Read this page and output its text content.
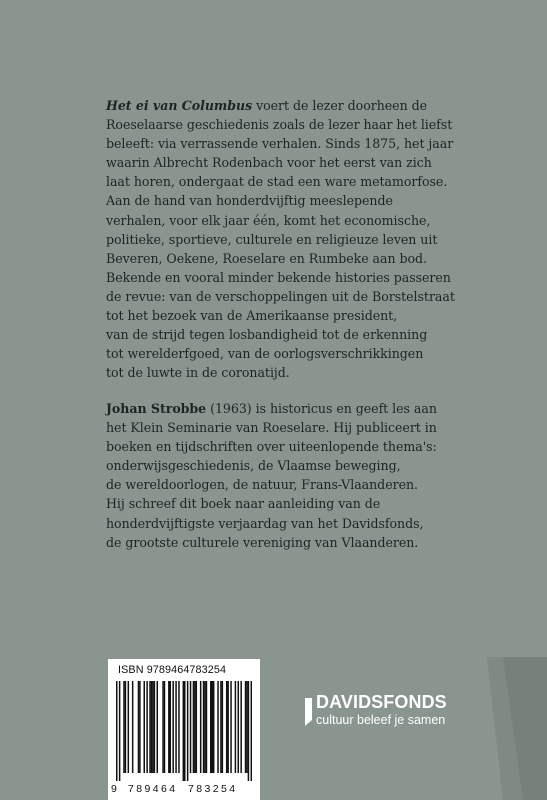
Het ei van Columbus voert de lezer doorheen de
Roeselaarse geschiedenis zoals de lezer haar het liefst
beleeft: via verrassende verhalen. Sinds 1875, het jaar
waarin Albrecht Rodenbach voor het eerst van zich
laat horen, ondergaat de stad een ware metamorfose.
Aan de hand van honderdvijftig meeslepende
verhalen, voor elk jaar één, komt het economische,
politieke, sportieve, culturele en religieuze leven uit
Beveren, Oekene, Roeselare en Rumbeke aan bod.
Bekende en vooral minder bekende histories passeren
de revue: van de verschoppelingen uit de Borstelstraat
tot het bezoek van de Amerikaanse president,
van de strijd tegen losbandigheid tot de erkenning
tot werelderfgoed, van de oorlogsverschrikkingen
tot de luwte in de coronatijd.
Johan Strobbe (1963) is historicus en geeft les aan
het Klein Seminarie van Roeselare. Hij publiceert in
boeken en tijdschriften over uiteenlopende thema's:
onderwijsgeschiedenis, de Vlaamse beweging,
de wereldoorlogen, de natuur, Frans-Vlaanderen.
Hij schreef dit boek naar aanleiding van de
honderdvijftigste verjaardag van het Davidsfonds,
de grootste culturele vereniging van Vlaanderen.
ISBN 9789464783254
9 789464 783254
DAVIDSFONDS
cultuur beleef je samen
